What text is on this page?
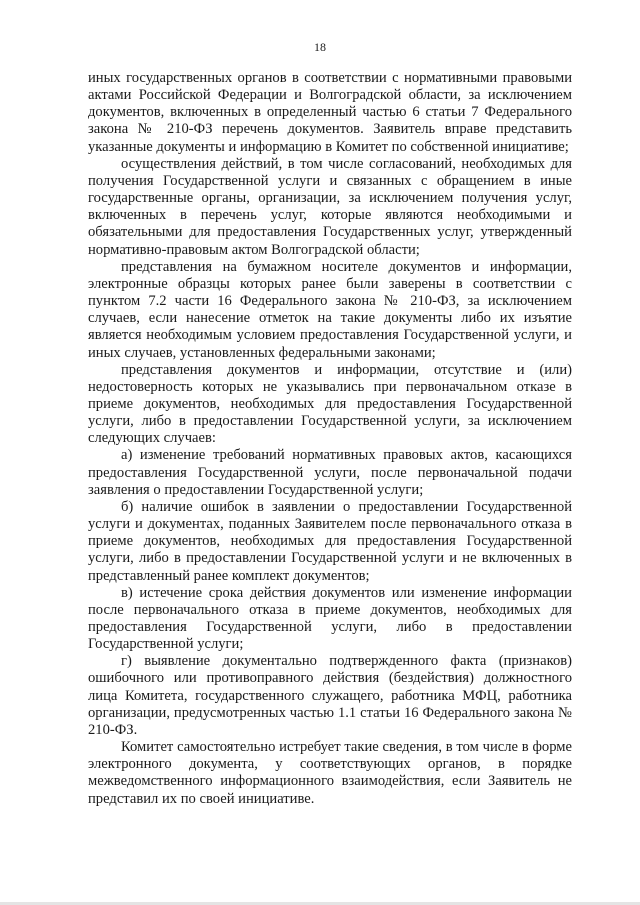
18

иных государственных органов в соответствии с нормативными правовыми актами Российской Федерации и Волгоградской области, за исключением документов, включенных в определенный частью 6 статьи 7 Федерального закона № 210-ФЗ перечень документов. Заявитель вправе представить указанные документы и информацию в Комитет по собственной инициативе;

осуществления действий, в том числе согласований, необходимых для получения Государственной услуги и связанных с обращением в иные государственные органы, организации, за исключением получения услуг, включенных в перечень услуг, которые являются необходимыми и обязательными для предоставления Государственных услуг, утвержденный нормативно-правовым актом Волгоградской области;

представления на бумажном носителе документов и информации, электронные образцы которых ранее были заверены в соответствии с пунктом 7.2 части 16 Федерального закона № 210-ФЗ, за исключением случаев, если нанесение отметок на такие документы либо их изъятие является необходимым условием предоставления Государственной услуги, и иных случаев, установленных федеральными законами;

представления документов и информации, отсутствие и (или) недостоверность которых не указывались при первоначальном отказе в приеме документов, необходимых для предоставления Государственной услуги, либо в предоставлении Государственной услуги, за исключением следующих случаев:

а) изменение требований нормативных правовых актов, касающихся предоставления Государственной услуги, после первоначальной подачи заявления о предоставлении Государственной услуги;

б) наличие ошибок в заявлении о предоставлении Государственной услуги и документах, поданных Заявителем после первоначального отказа в приеме документов, необходимых для предоставления Государственной услуги, либо в предоставлении Государственной услуги и не включенных в представленный ранее комплект документов;

в) истечение срока действия документов или изменение информации после первоначального отказа в приеме документов, необходимых для предоставления Государственной услуги, либо в предоставлении Государственной услуги;

г) выявление документально подтвержденного факта (признаков) ошибочного или противоправного действия (бездействия) должностного лица Комитета, государственного служащего, работника МФЦ, работника организации, предусмотренных частью 1.1 статьи 16 Федерального закона № 210-ФЗ.

Комитет самостоятельно истребует такие сведения, в том числе в форме электронного документа, у соответствующих органов, в порядке межведомственного информационного взаимодействия, если Заявитель не представил их по своей инициативе.
